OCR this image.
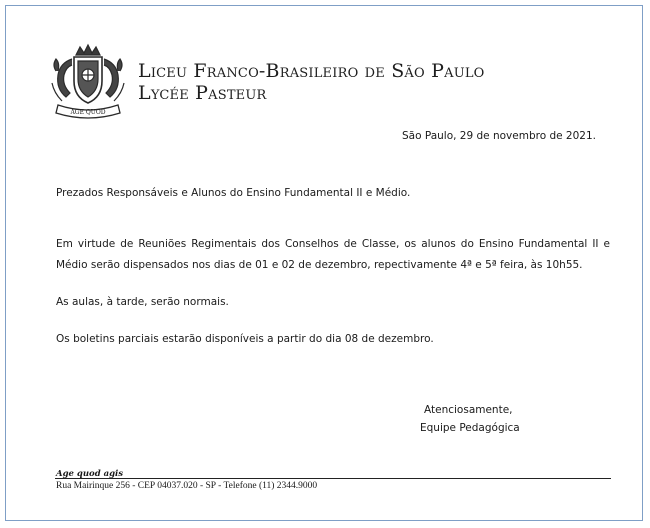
AGE QUOD
Liceu Franco-Brasileiro de São Paulo
Lycée Pasteur
São Paulo, 29 de novembro de 2021.
Prezados Responsáveis e Alunos do Ensino Fundamental II e Médio.
Em virtude de Reuniões Regimentais dos Conselhos de Classe, os alunos do Ensino Fundamental II e Médio serão dispensados nos dias de 01 e 02 de dezembro, repectivamente 4ª e 5ª feira, às 10h55.
As aulas, à tarde, serão normais.
Os boletins parciais estarão disponíveis a partir do dia 08 de dezembro.
Atenciosamente,
Equipe Pedagógica
Age quod agis
Rua Mairinque 256 - CEP 04037.020 - SP - Telefone (11) 2344.9000
